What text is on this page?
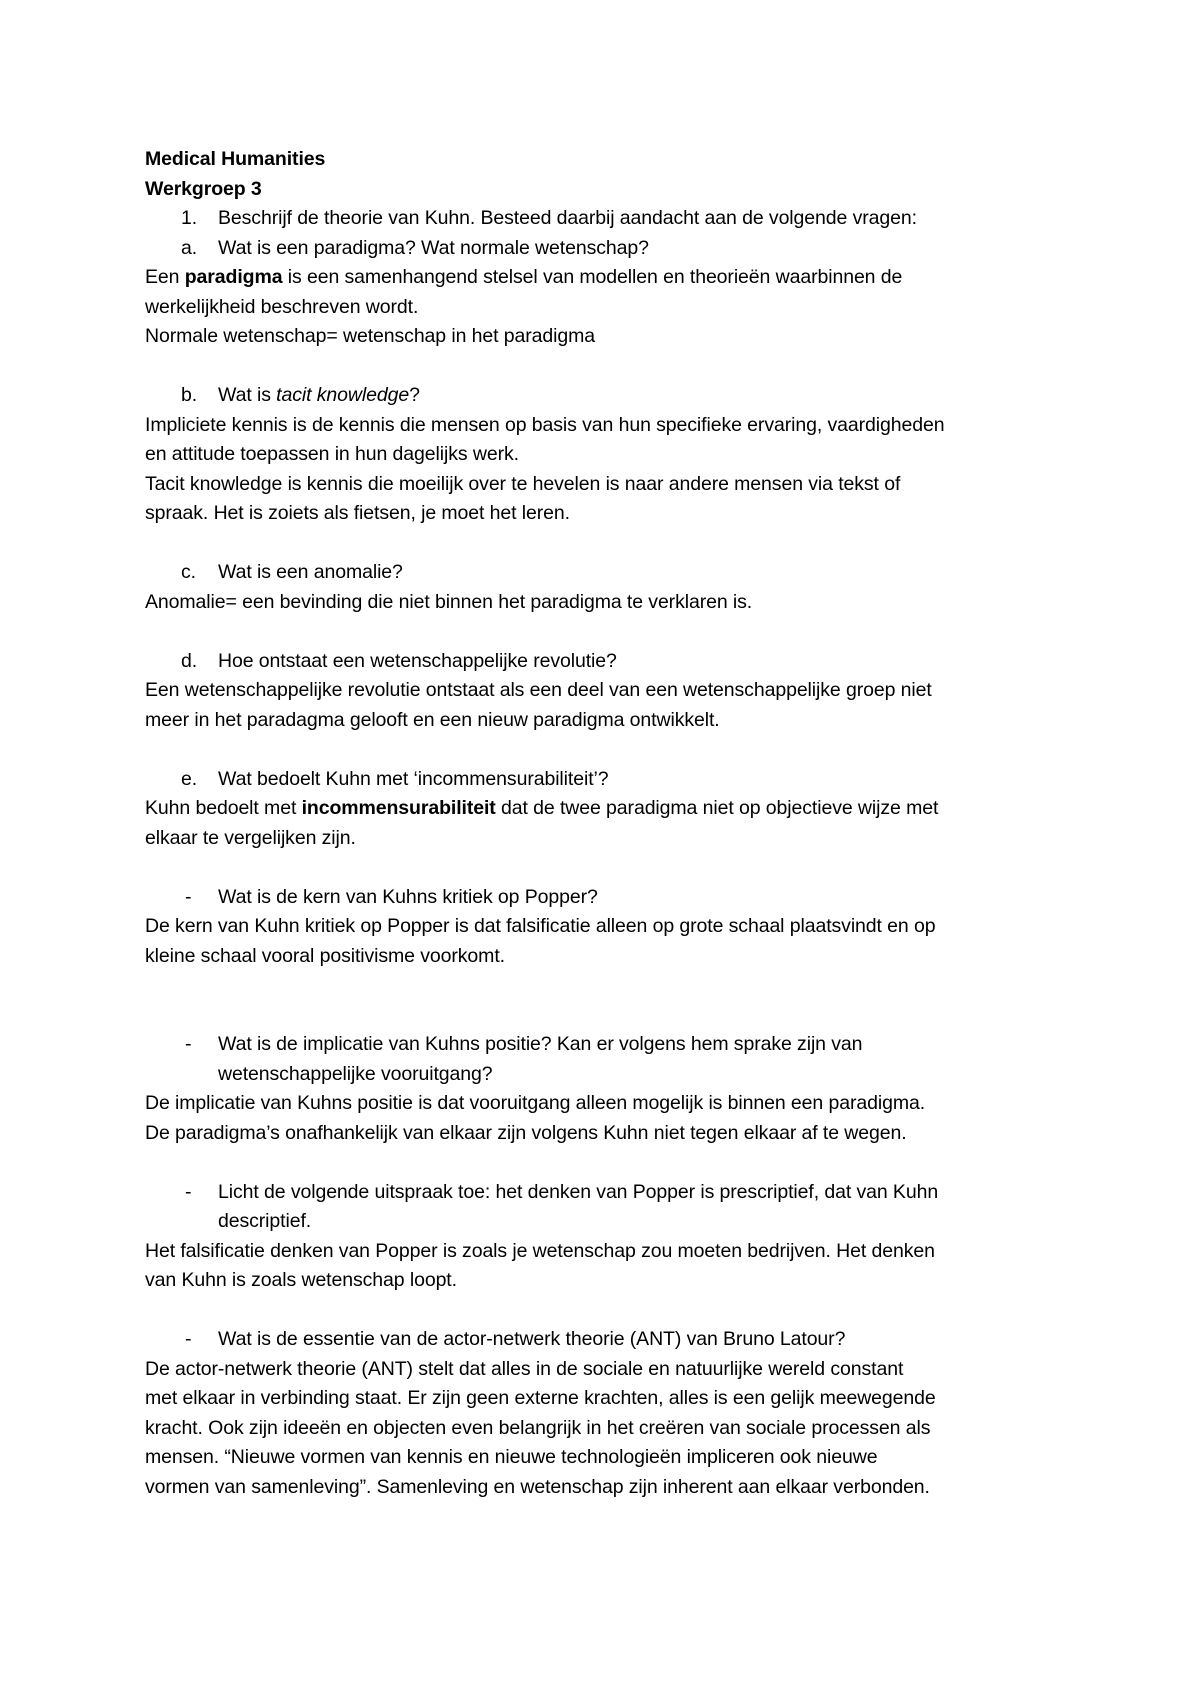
Medical Humanities
Werkgroep 3
1. Beschrijf de theorie van Kuhn. Besteed daarbij aandacht aan de volgende vragen:
a. Wat is een paradigma? Wat normale wetenschap?
Een paradigma is een samenhangend stelsel van modellen en theorieën waarbinnen de
werkelijkheid beschreven wordt.
Normale wetenschap= wetenschap in het paradigma
b. Wat is tacit knowledge?
Impliciete kennis is de kennis die mensen op basis van hun specifieke ervaring, vaardigheden
en attitude toepassen in hun dagelijks werk.
Tacit knowledge is kennis die moeilijk over te hevelen is naar andere mensen via tekst of
spraak. Het is zoiets als fietsen, je moet het leren.
c. Wat is een anomalie?
Anomalie= een bevinding die niet binnen het paradigma te verklaren is.
d. Hoe ontstaat een wetenschappelijke revolutie?
Een wetenschappelijke revolutie ontstaat als een deel van een wetenschappelijke groep niet
meer in het paradagma gelooft en een nieuw paradigma ontwikkelt.
e. Wat bedoelt Kuhn met ‘incommensurabiliteit’?
Kuhn bedoelt met incommensurabiliteit dat de twee paradigma niet op objectieve wijze met
elkaar te vergelijken zijn.
- Wat is de kern van Kuhns kritiek op Popper?
De kern van Kuhn kritiek op Popper is dat falsificatie alleen op grote schaal plaatsvindt en op
kleine schaal vooral positivisme voorkomt.
- Wat is de implicatie van Kuhns positie? Kan er volgens hem sprake zijn van
wetenschappelijke vooruitgang?
De implicatie van Kuhns positie is dat vooruitgang alleen mogelijk is binnen een paradigma.
De paradigma’s onafhankelijk van elkaar zijn volgens Kuhn niet tegen elkaar af te wegen.
- Licht de volgende uitspraak toe: het denken van Popper is prescriptief, dat van Kuhn
descriptief.
Het falsificatie denken van Popper is zoals je wetenschap zou moeten bedrijven. Het denken
van Kuhn is zoals wetenschap loopt.
- Wat is de essentie van de actor-netwerk theorie (ANT) van Bruno Latour?
De actor-netwerk theorie (ANT) stelt dat alles in de sociale en natuurlijke wereld constant
met elkaar in verbinding staat. Er zijn geen externe krachten, alles is een gelijk meewegende
kracht. Ook zijn ideeën en objecten even belangrijk in het creëren van sociale processen als
mensen. “Nieuwe vormen van kennis en nieuwe technologieën impliceren ook nieuwe
vormen van samenleving”. Samenleving en wetenschap zijn inherent aan elkaar verbonden.
